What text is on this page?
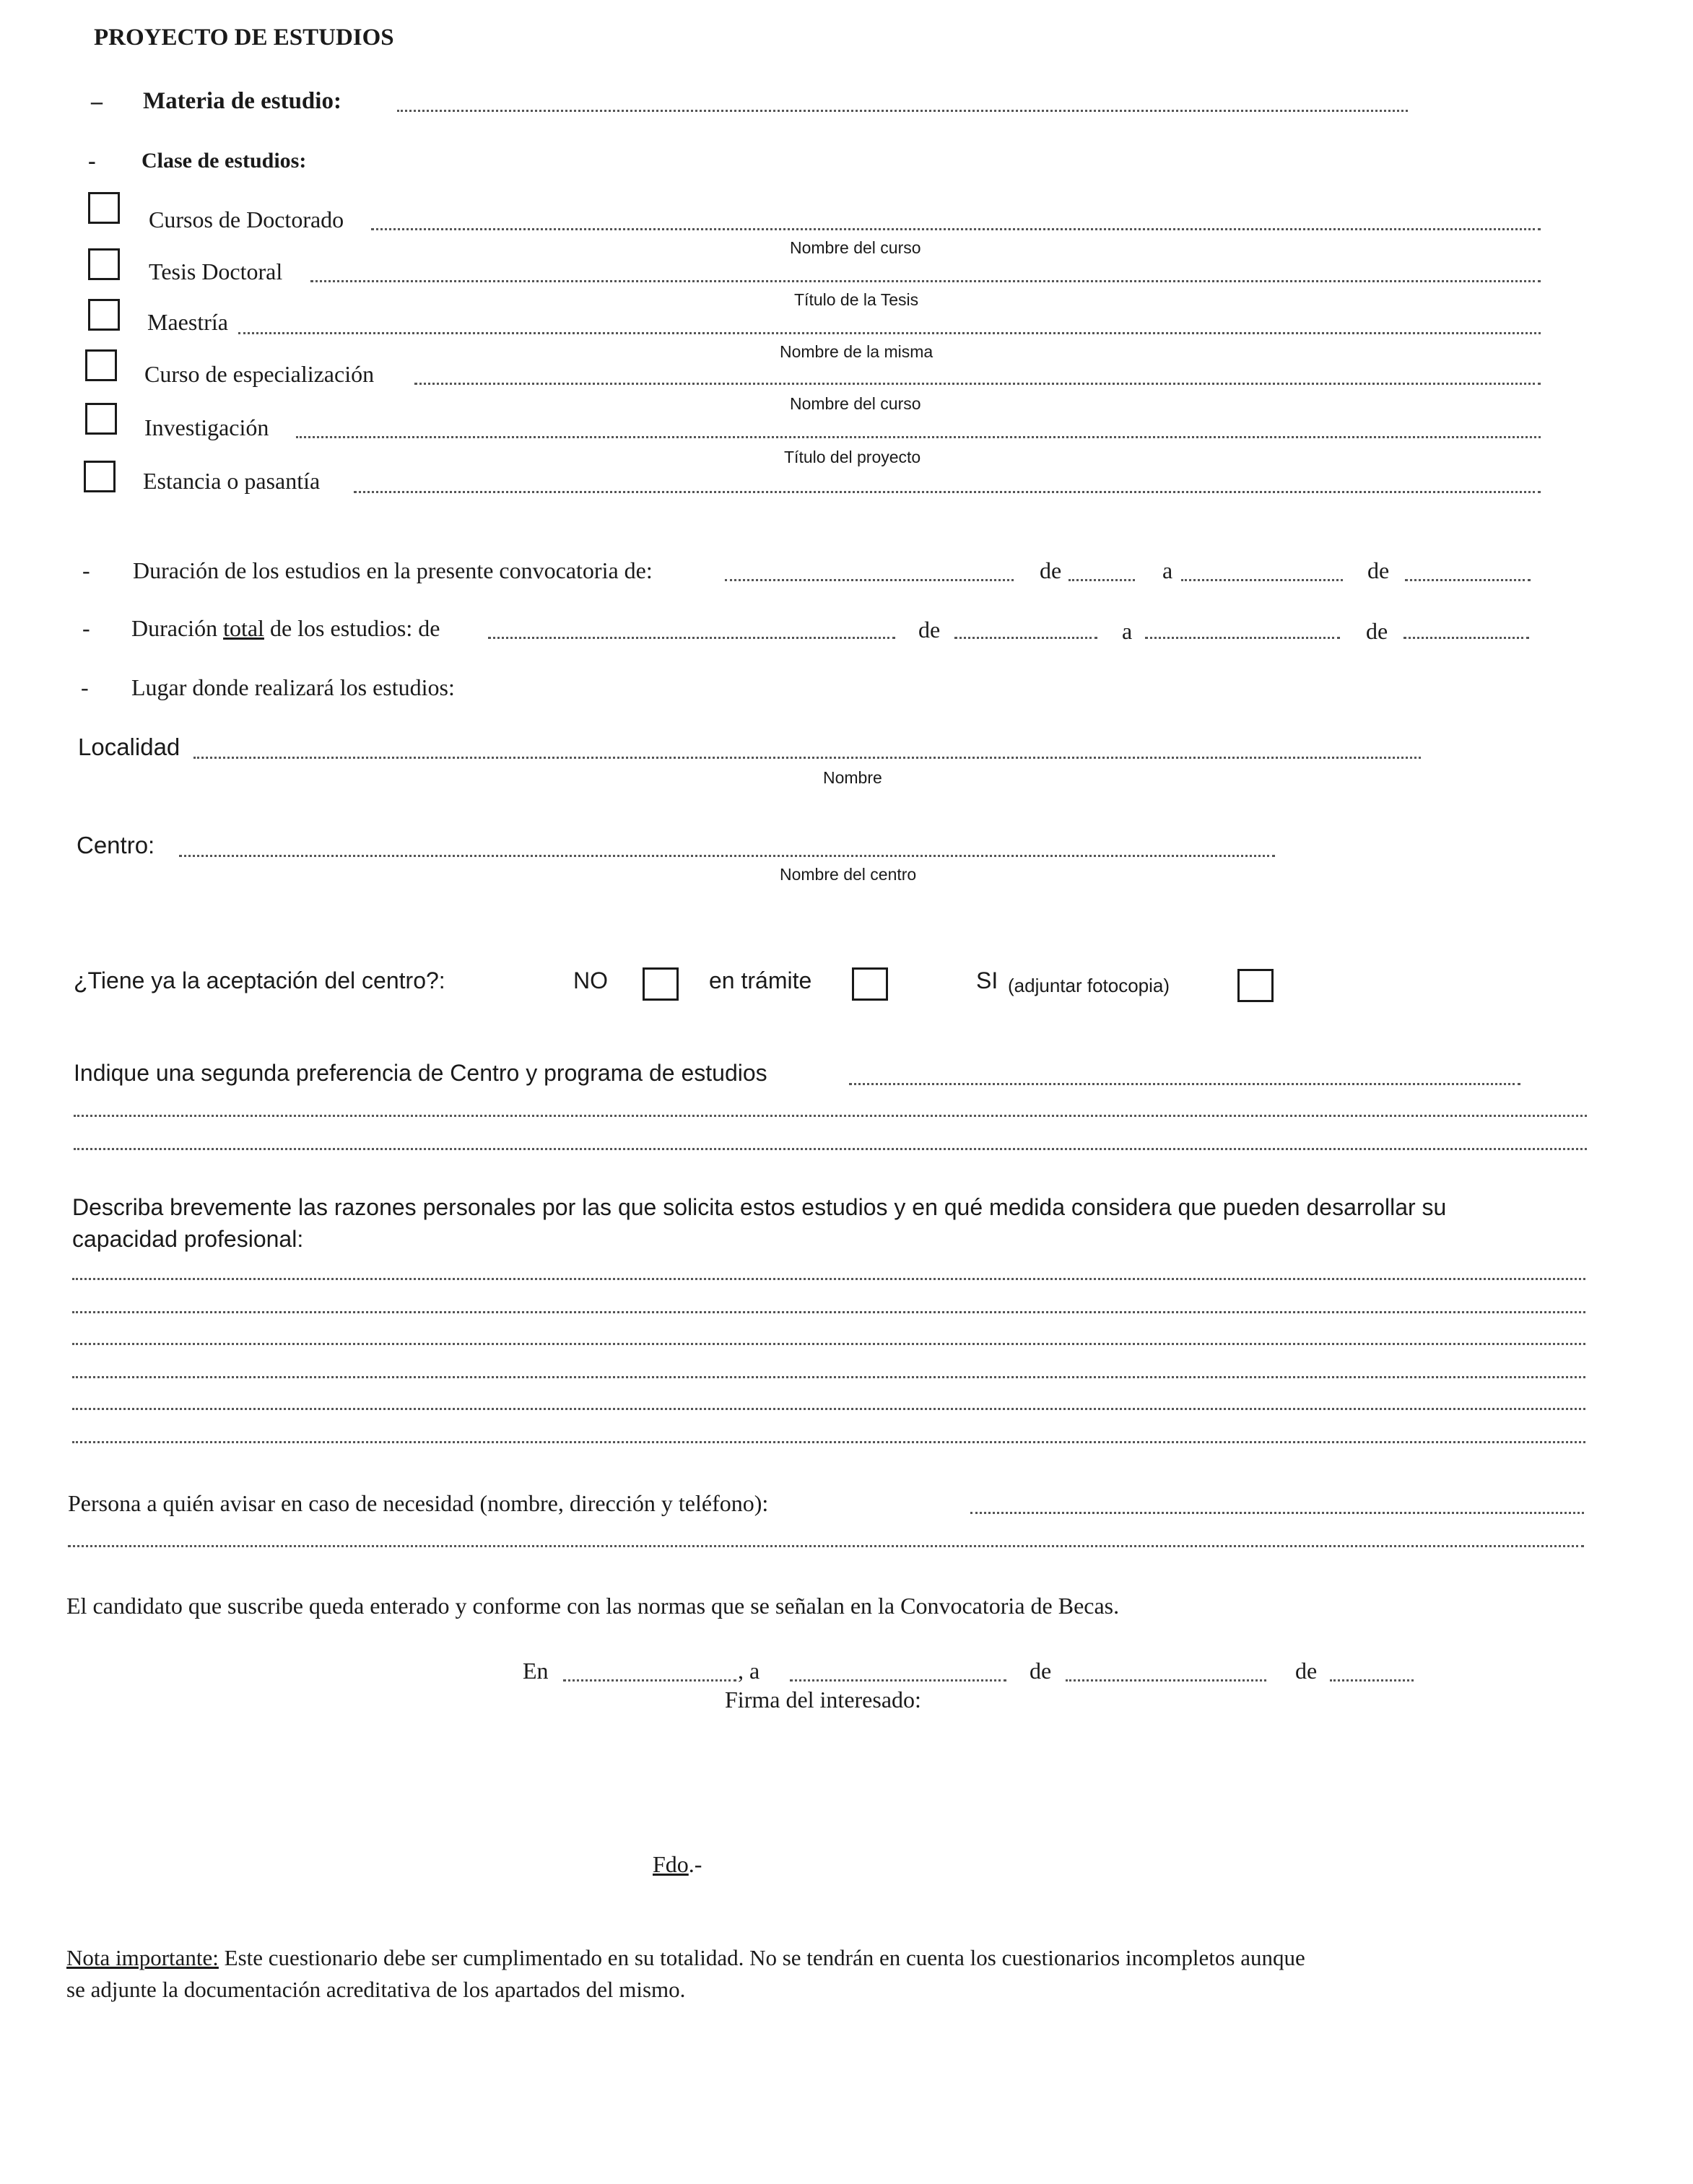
PROYECTO DE ESTUDIOS
– Materia de estudio:
- Clase de estudios:
Cursos de Doctorado
Nombre del curso
Tesis Doctoral
Título de la Tesis
Maestría
Nombre de la misma
Curso de especialización
Nombre del curso
Investigación
Título del proyecto
Estancia o pasantía
- Duración de los estudios en la presente convocatoria de:	de	a	de
- Duración total de los estudios: de	de	a	de
- Lugar donde realizará los estudios:
Localidad
Nombre
Centro:
Nombre del centro
¿Tiene ya la aceptación del centro?:	NO	en trámite	SI (adjuntar fotocopia)
Indique una segunda preferencia de Centro y programa de estudios
Describa brevemente las razones personales por las que solicita estos estudios y en qué medida considera que pueden desarrollar su
capacidad profesional:
Persona a quién avisar en caso de necesidad (nombre, dirección y teléfono):
El candidato que suscribe queda enterado y conforme con las normas que se señalan en la Convocatoria de Becas.
En	, a	de	de
Firma del interesado:
Fdo.-
Nota importante: Este cuestionario debe ser cumplimentado en su totalidad. No se tendrán en cuenta los cuestionarios incompletos aunque
se adjunte la documentación acreditativa de los apartados del mismo.
